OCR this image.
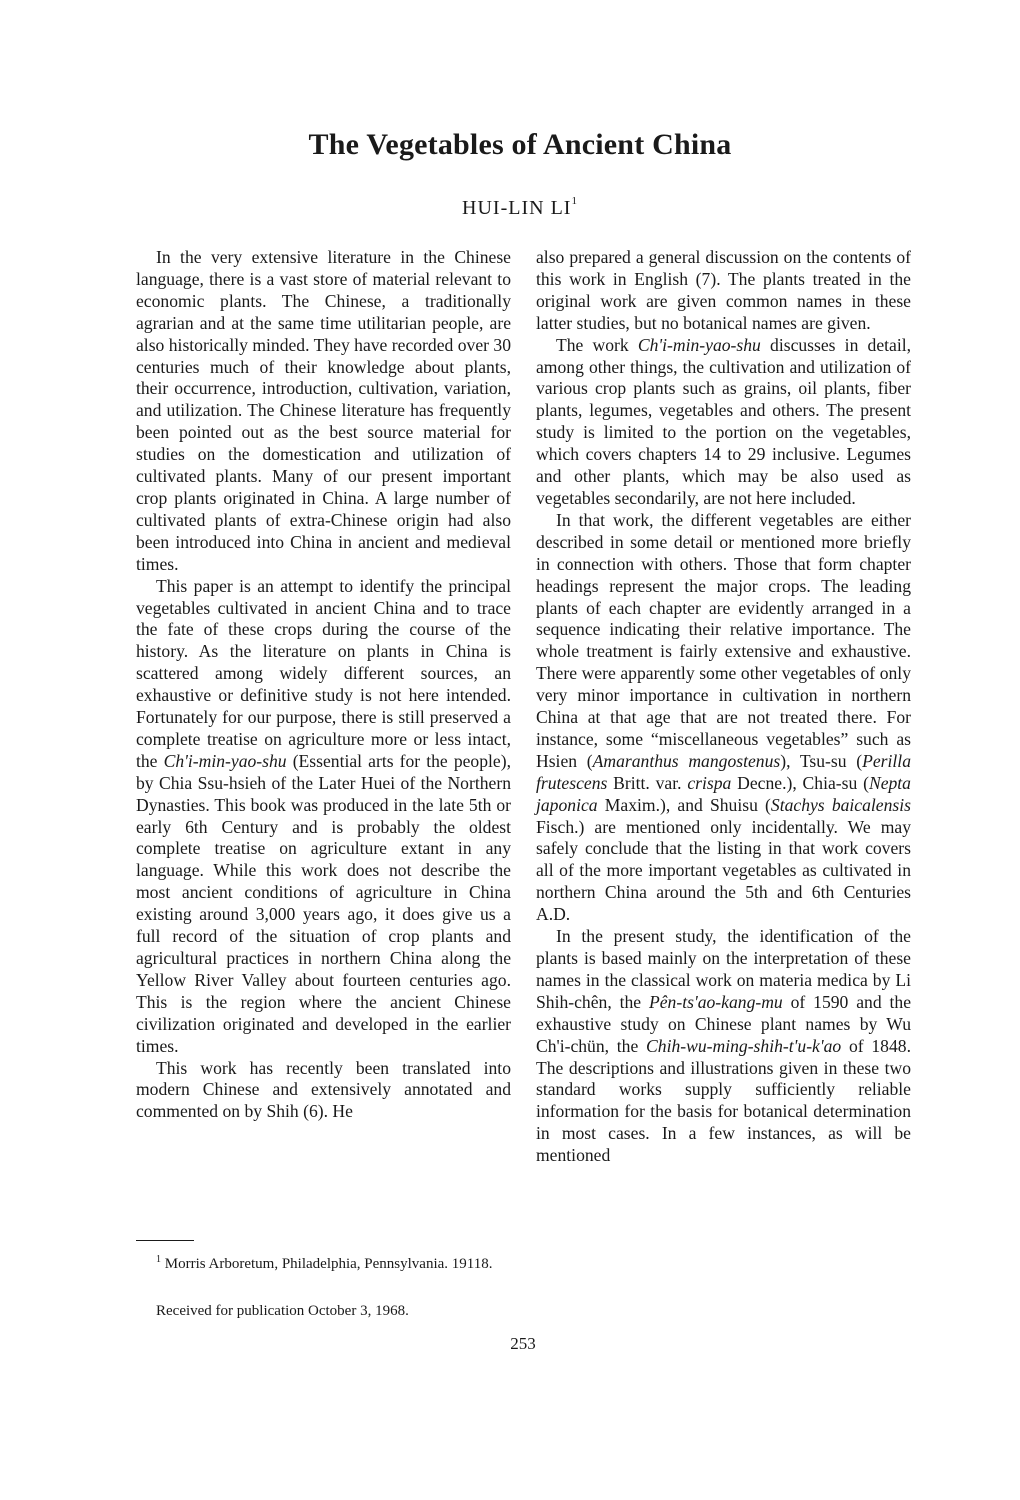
The Vegetables of Ancient China
HUI-LIN $LI^1$

In the very extensive literature in the Chinese language, there is a vast store of material relevant to economic plants. The Chinese, a traditionally agrarian and at the same time utilitarian people, are also historically minded. They have recorded over 30 centuries much of their knowledge about plants, their occurrence, introduction, cultivation, variation, and utilization. The Chinese literature has frequently been pointed out as the best source material for studies on the domestication and utilization of cultivated plants. Many of our present important crop plants originated in China. A large number of cultivated plants of extra-Chinese origin had also been introduced into China in ancient and medieval times.

This paper is an attempt to identify the principal vegetables cultivated in ancient China and to trace the fate of these crops during the course of the history. As the literature on plants in China is scattered among widely different sources, an exhaustive or definitive study is not here intended. Fortunately for our purpose, there is still preserved a complete treatise on agriculture more or less intact, the Ch'i-min-yao-shu (Essential arts for the people), by Chia Ssu-hsieh of the Later Huei of the Northern Dynasties. This book was produced in the late 5th or early 6th Century and is probably the oldest complete treatise on agriculture extant in any language. While this work does not describe the most ancient conditions of agriculture in China existing around 3,000 years ago, it does give us a full record of the situation of crop plants and agricultural practices in northern China along the Yellow River Valley about fourteen centuries ago. This is the region where the ancient Chinese civilization originated and developed in the earlier times.

This work has recently been translated into modern Chinese and extensively annotated and commented on by Shih (6). He

also prepared a general discussion on the contents of this work in English (7). The plants treated in the original work are given common names in these latter studies, but no botanical names are given.

The work Ch'i-min-yao-shu discusses in detail, among other things, the cultivation and utilization of various crop plants such as grains, oil plants, fiber plants, legumes, vegetables and others. The present study is limited to the portion on the vegetables, which covers chapters 14 to 29 inclusive. Legumes and other plants, which may be also used as vegetables secondarily, are not here included.

In that work, the different vegetables are either described in some detail or mentioned more briefly in connection with others. Those that form chapter headings represent the major crops. The leading plants of each chapter are evidently arranged in a sequence indicating their relative importance. The whole treatment is fairly extensive and exhaustive. There were apparently some other vegetables of only very minor importance in cultivation in northern China at that age that are not treated there. For instance, some “miscellaneous vegetables” such as Hsien (Amaranthus mangostenus), Tsu-su (Perilla frutescens Britt. var. crispa Decne.), Chia-su (Nepta japonica Maxim.), and Shuisu (Stachys baicalensis Fisch.) are mentioned only incidentally. We may safely conclude that the listing in that work covers all of the more important vegetables as cultivated in northern China around the 5th and 6th Centuries A.D.

In the present study, the identification of the plants is based mainly on the interpretation of these names in the classical work on materia medica by Li Shih-chên, the Pên-ts'ao-kang-mu of 1590 and the exhaustive study on Chinese plant names by Wu Ch'i-chün, the Chih-wu-ming-shih-t'u-k'ao of 1848. The descriptions and illustrations given in these two standard works supply sufficiently reliable information for the basis for botanical determination in most cases. In a few instances, as will be mentioned

$^1$ Morris Arboretum, Philadelphia, Pennsylvania. 19118.
Received for publication October 3, 1968.
253
